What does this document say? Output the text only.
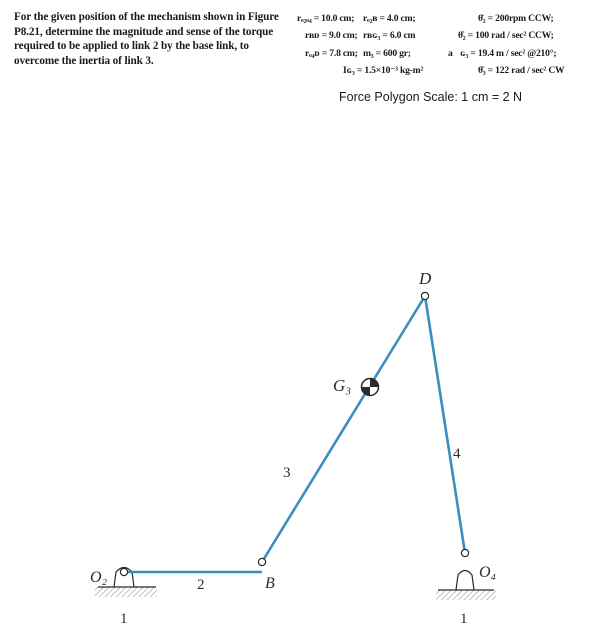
For the given position of the mechanism shown in Figure P8.21, determine the magnitude and sense of the torque required to be applied to link 2 by the base link, to overcome the inertia of link 3.
rₒ₂ₒ₄ = 10.0 cm; rₒ₂ʙ = 4.0 cm;	θ̇₂ = 200rpm CCW;
rʙᴅ = 9.0 cm; rʙɢ₃ = 6.0 cm	θ̈₂ = 100 rad / sec² CCW;
rₒ₄ᴅ = 7.8 cm; m₃ = 600 gr;	a⃗ɢ₃ = 19.4 m / sec² @210°;
Iɢ₃ = 1.5×10⁻³ kg-m²	θ̈₃ = 122 rad / sec² CW
Force Polygon Scale: 1 cm = 2 N
O₂	O₄
B
D
G₃
1	1
2
3
4
